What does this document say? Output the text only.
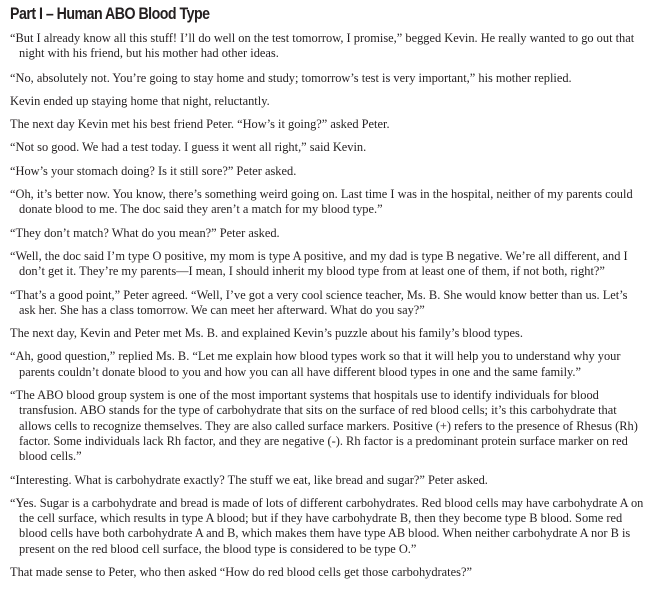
Part I – Human ABO Blood Type

“But I already know all this stuff! I’ll do well on the test tomorrow, I promise,” begged Kevin. He really wanted to go out that night with his friend, but his mother had other ideas.

“No, absolutely not. You’re going to stay home and study; tomorrow’s test is very important,” his mother replied.

Kevin ended up staying home that night, reluctantly.

The next day Kevin met his best friend Peter. “How’s it going?” asked Peter.

“Not so good. We had a test today. I guess it went all right,” said Kevin.

“How’s your stomach doing? Is it still sore?” Peter asked.

“Oh, it’s better now. You know, there’s something weird going on. Last time I was in the hospital, neither of my parents could donate blood to me. The doc said they aren’t a match for my blood type.”

“They don’t match? What do you mean?” Peter asked.

“Well, the doc said I’m type O positive, my mom is type A positive, and my dad is type B negative. We’re all different, and I don’t get it. They’re my parents—I mean, I should inherit my blood type from at least one of them, if not both, right?”

“That’s a good point,” Peter agreed. “Well, I’ve got a very cool science teacher, Ms. B. She would know better than us. Let’s ask her. She has a class tomorrow. We can meet her afterward. What do you say?”

The next day, Kevin and Peter met Ms. B. and explained Kevin’s puzzle about his family’s blood types.

“Ah, good question,” replied Ms. B. “Let me explain how blood types work so that it will help you to understand why your parents couldn’t donate blood to you and how you can all have different blood types in one and the same family.”

“The ABO blood group system is one of the most important systems that hospitals use to identify individuals for blood transfusion. ABO stands for the type of carbohydrate that sits on the surface of red blood cells; it’s this carbohydrate that allows cells to recognize themselves. They are also called surface markers. Positive (+) refers to the presence of Rhesus (Rh) factor. Some individuals lack Rh factor, and they are negative (-). Rh factor is a predominant protein surface marker on red blood cells.”

“Interesting. What is carbohydrate exactly? The stuff we eat, like bread and sugar?” Peter asked.

“Yes. Sugar is a carbohydrate and bread is made of lots of different carbohydrates. Red blood cells may have carbohydrate A on the cell surface, which results in type A blood; but if they have carbohydrate B, then they become type B blood. Some red blood cells have both carbohydrate A and B, which makes them have type AB blood. When neither carbohydrate A nor B is present on the red blood cell surface, the blood type is considered to be type O.”

That made sense to Peter, who then asked “How do red blood cells get those carbohydrates?”
